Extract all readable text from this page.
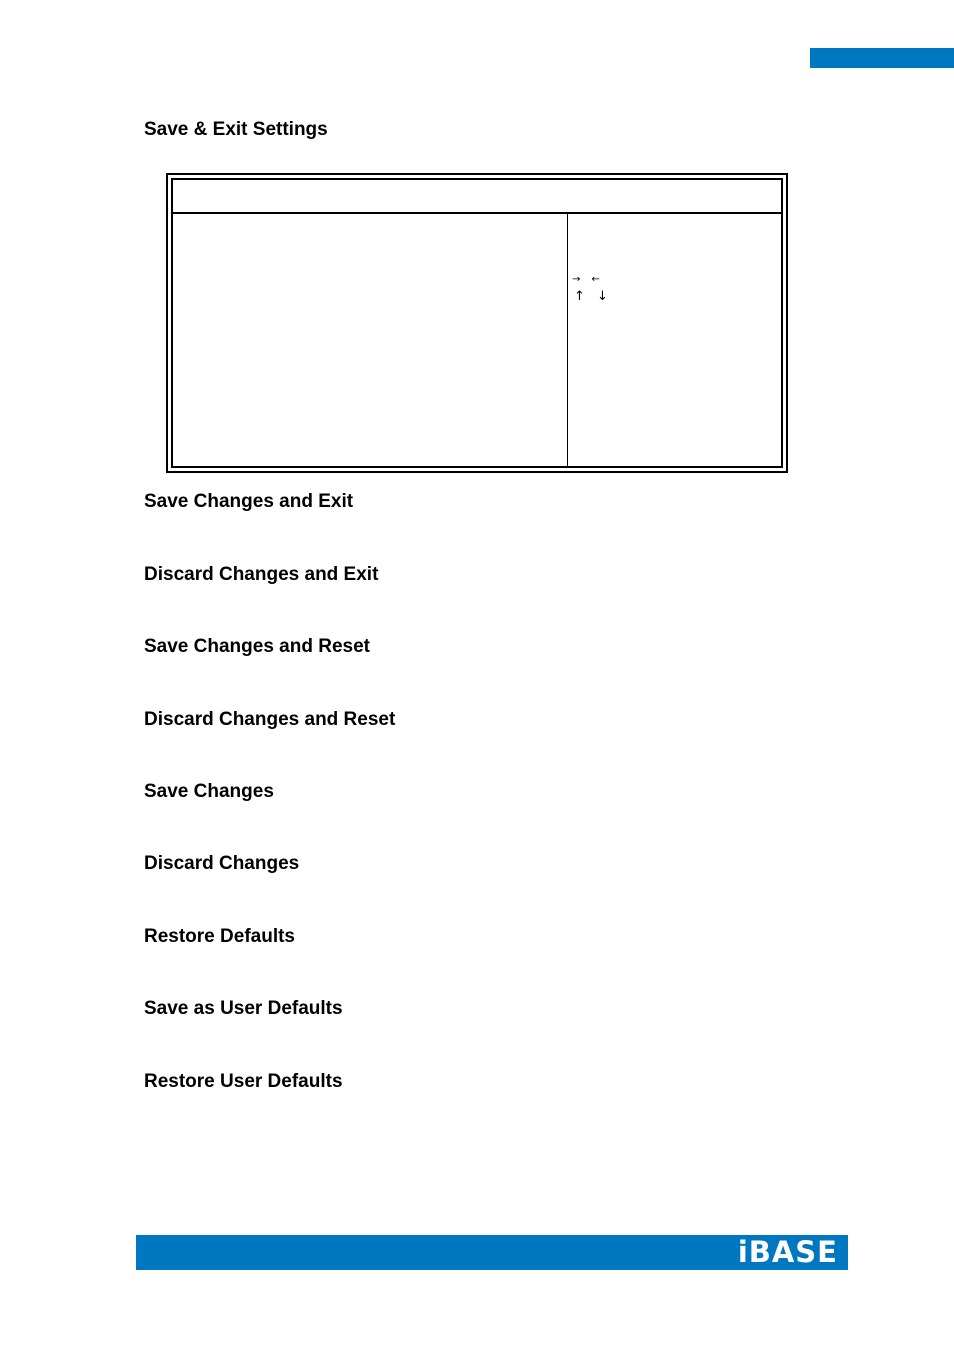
Save & Exit Settings
→ ←
↑ ↓

Save Changes and Exit

Discard Changes and Exit

Save Changes and Reset

Discard Changes and Reset

Save Changes

Discard Changes

Restore Defaults

Save as User Defaults

Restore User Defaults

iBASE
